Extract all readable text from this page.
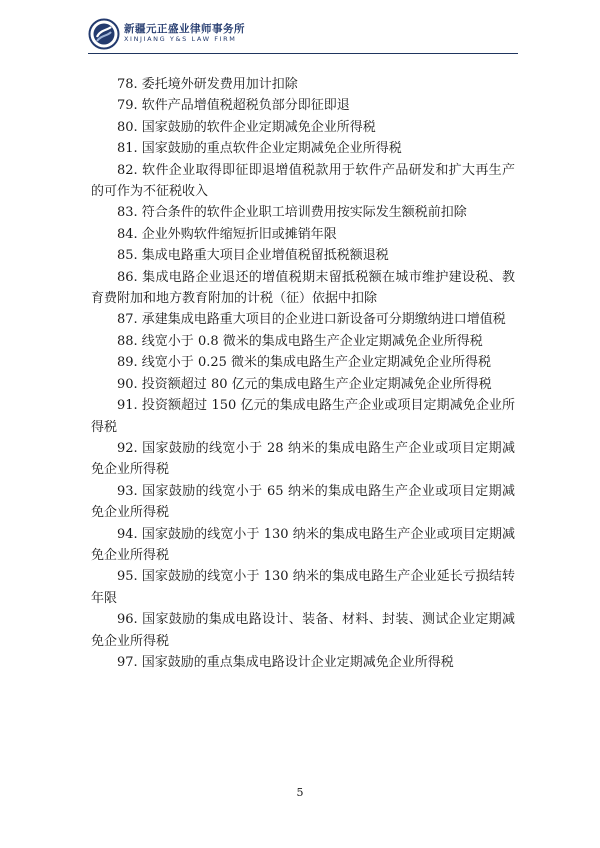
新疆元正盛业律师事务所
XINJIANG Y&S LAW FIRM

78. 委托境外研发费用加计扣除

79. 软件产品增值税超税负部分即征即退

80. 国家鼓励的软件企业定期减免企业所得税

81. 国家鼓励的重点软件企业定期减免企业所得税

82. 软件企业取得即征即退增值税款用于软件产品研发和扩大再生产的可作为不征税收入

83. 符合条件的软件企业职工培训费用按实际发生额税前扣除

84. 企业外购软件缩短折旧或摊销年限

85. 集成电路重大项目企业增值税留抵税额退税

86. 集成电路企业退还的增值税期末留抵税额在城市维护建设税、教育费附加和地方教育附加的计税（征）依据中扣除

87. 承建集成电路重大项目的企业进口新设备可分期缴纳进口增值税

88. 线宽小于 0.8 微米的集成电路生产企业定期减免企业所得税

89. 线宽小于 0.25 微米的集成电路生产企业定期减免企业所得税

90. 投资额超过 80 亿元的集成电路生产企业定期减免企业所得税

91. 投资额超过 150 亿元的集成电路生产企业或项目定期减免企业所得税

92. 国家鼓励的线宽小于 28 纳米的集成电路生产企业或项目定期减免企业所得税

93. 国家鼓励的线宽小于 65 纳米的集成电路生产企业或项目定期减免企业所得税

94. 国家鼓励的线宽小于 130 纳米的集成电路生产企业或项目定期减免企业所得税

95. 国家鼓励的线宽小于 130 纳米的集成电路生产企业延长亏损结转年限

96. 国家鼓励的集成电路设计、装备、材料、封装、测试企业定期减免企业所得税

97. 国家鼓励的重点集成电路设计企业定期减免企业所得税

5
